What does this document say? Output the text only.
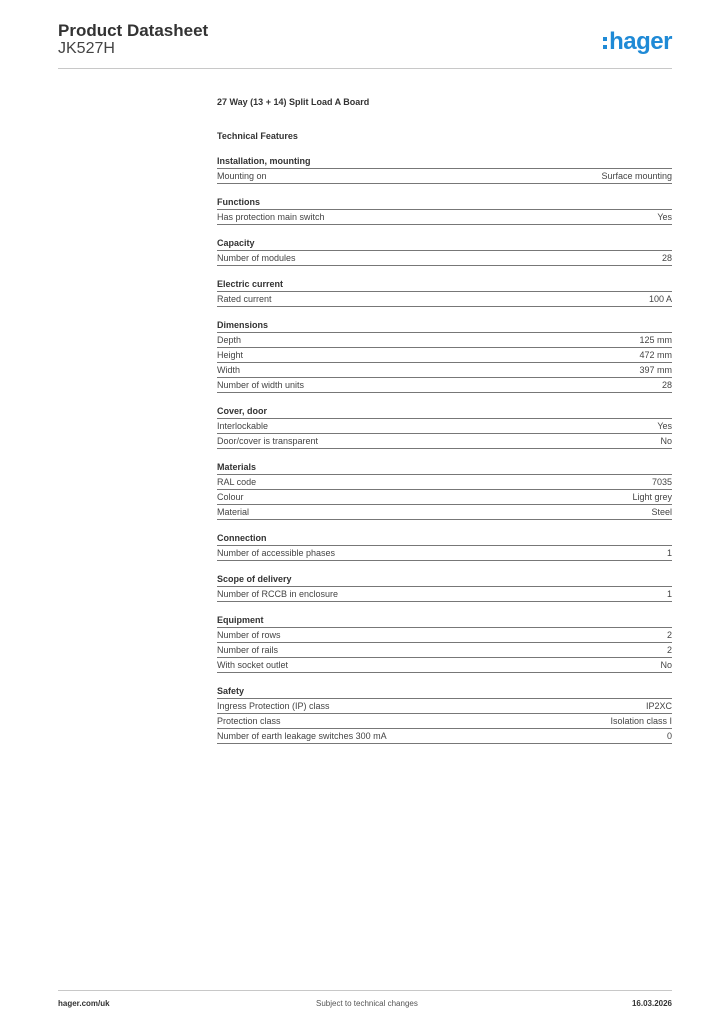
Product Datasheet
JK527H	hager
27 Way (13 + 14) Split Load A Board
Technical Features
Installation, mounting
Mounting on	Surface mounting
Functions
Has protection main switch	Yes
Capacity
Number of modules	28
Electric current
Rated current	100 A
Dimensions
Depth	125 mm
Height	472 mm
Width	397 mm
Number of width units	28
Cover, door
Interlockable	Yes
Door/cover is transparent	No
Materials
RAL code	7035
Colour	Light grey
Material	Steel
Connection
Number of accessible phases	1
Scope of delivery
Number of RCCB in enclosure	1
Equipment
Number of rows	2
Number of rails	2
With socket outlet	No
Safety
Ingress Protection (IP) class	IP2XC
Protection class	Isolation class I
Number of earth leakage switches 300 mA	0
hager.com/uk	Subject to technical changes	16.03.2026
